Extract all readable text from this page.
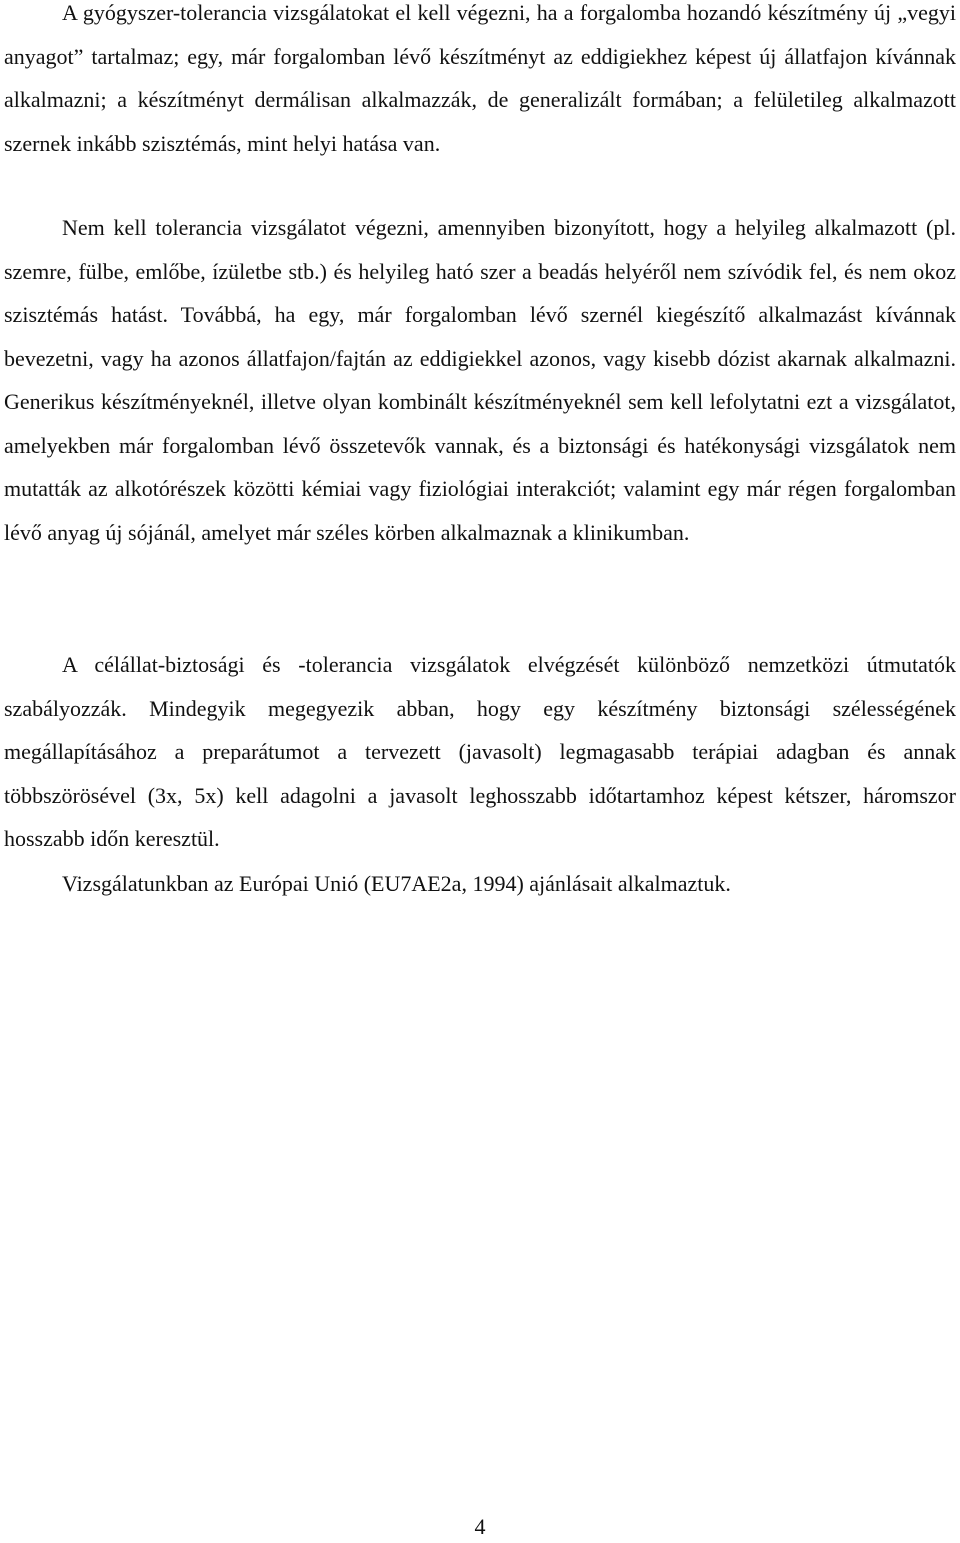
A gyógyszer-tolerancia vizsgálatokat el kell végezni, ha a forgalomba hozandó készítmény új „vegyi anyagot” tartalmaz; egy, már forgalomban lévő készítményt az eddigiekhez képest új állatfajon kívánnak alkalmazni; a készítményt dermálisan alkalmazzák, de generalizált formában; a felületileg alkalmazott szernek inkább szisztémás, mint helyi hatása van.

Nem kell tolerancia vizsgálatot végezni, amennyiben bizonyított, hogy a helyileg alkalmazott (pl. szemre, fülbe, emlőbe, ízületbe stb.) és helyileg ható szer a beadás helyéről nem szívódik fel, és nem okoz szisztémás hatást. Továbbá, ha egy, már forgalomban lévő szernél kiegészítő alkalmazást kívánnak bevezetni, vagy ha azonos állatfajon/fajtán az eddigiekkel azonos, vagy kisebb dózist akarnak alkalmazni. Generikus készítményeknél, illetve olyan kombinált készítményeknél sem kell lefolytatni ezt a vizsgálatot, amelyekben már forgalomban lévő összetevők vannak, és a biztonsági és hatékonysági vizsgálatok nem mutatták az alkotórészek közötti kémiai vagy fiziológiai interakciót; valamint egy már régen forgalomban lévő anyag új sójánál, amelyet már széles körben alkalmaznak a klinikumban.

A célállat-biztosági és -tolerancia vizsgálatok elvégzését különböző nemzetközi útmutatók szabályozzák. Mindegyik megegyezik abban, hogy egy készítmény biztonsági szélességének megállapításához a preparátumot a tervezett (javasolt) legmagasabb terápiai adagban és annak többszörösével (3x, 5x) kell adagolni a javasolt leghosszabb időtartamhoz képest kétszer, háromszor hosszabb időn keresztül.

Vizsgálatunkban az Európai Unió (EU7AE2a, 1994) ajánlásait alkalmaztuk.

4
